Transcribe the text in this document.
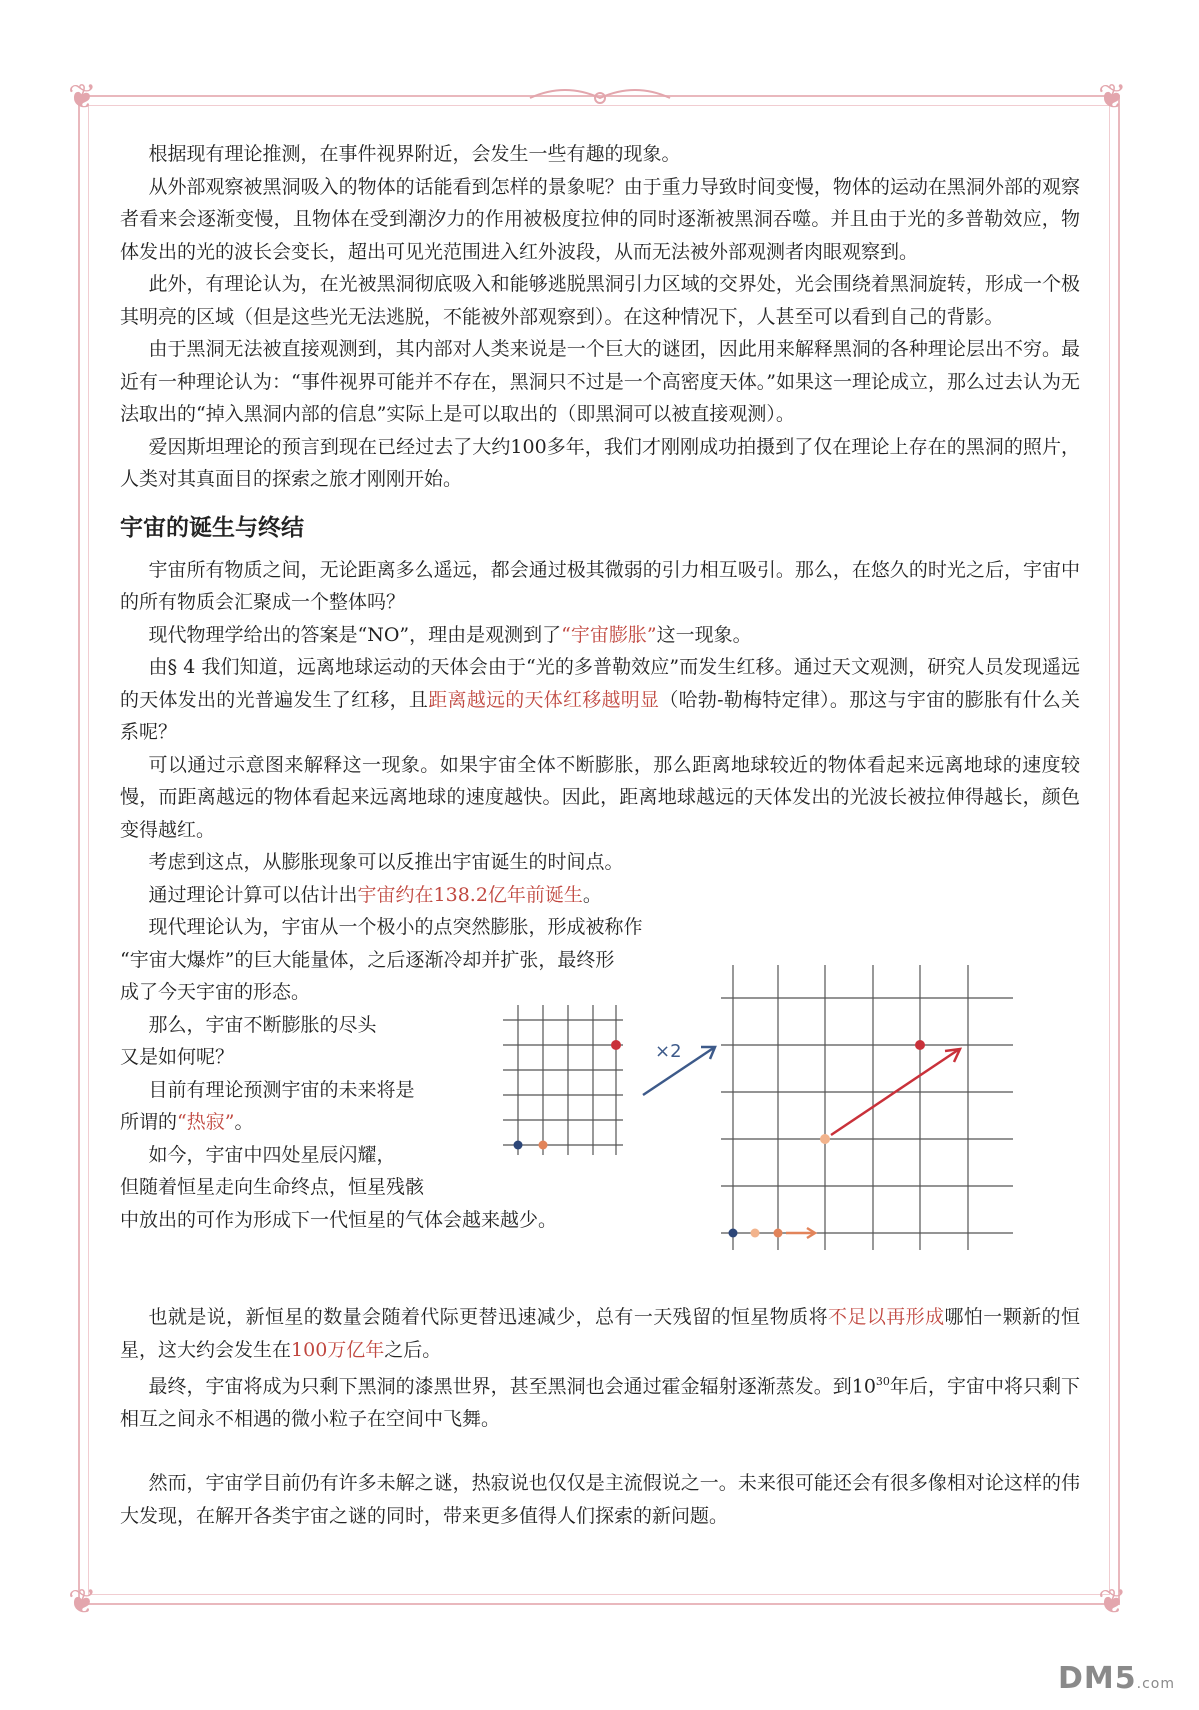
❦	❦
❦	❦

根据现有理论推测，在事件视界附近，会发生一些有趣的现象。

从外部观察被黑洞吸入的物体的话能看到怎样的景象呢？由于重力导致时间变慢，物体的运动在黑洞外部的观察者看来会逐渐变慢，且物体在受到潮汐力的作用被极度拉伸的同时逐渐被黑洞吞噬。并且由于光的多普勒效应，物体发出的光的波长会变长，超出可见光范围进入红外波段，从而无法被外部观测者肉眼观察到。

此外，有理论认为，在光被黑洞彻底吸入和能够逃脱黑洞引力区域的交界处，光会围绕着黑洞旋转，形成一个极其明亮的区域（但是这些光无法逃脱，不能被外部观察到）。在这种情况下，人甚至可以看到自己的背影。

由于黑洞无法被直接观测到，其内部对人类来说是一个巨大的谜团，因此用来解释黑洞的各种理论层出不穷。最近有一种理论认为：“事件视界可能并不存在，黑洞只不过是一个高密度天体。”如果这一理论成立，那么过去认为无法取出的“掉入黑洞内部的信息”实际上是可以取出的（即黑洞可以被直接观测）。

爱因斯坦理论的预言到现在已经过去了大约100多年，我们才刚刚成功拍摄到了仅在理论上存在的黑洞的照片，人类对其真面目的探索之旅才刚刚开始。

宇宙的诞生与终结

宇宙所有物质之间，无论距离多么遥远，都会通过极其微弱的引力相互吸引。那么，在悠久的时光之后，宇宙中的所有物质会汇聚成一个整体吗？

现代物理学给出的答案是“NO”，理由是观测到了“宇宙膨胀”这一现象。

由§ 4 我们知道，远离地球运动的天体会由于“光的多普勒效应”而发生红移。通过天文观测，研究人员发现遥远的天体发出的光普遍发生了红移，且距离越远的天体红移越明显（哈勃-勒梅特定律）。那这与宇宙的膨胀有什么关系呢？

可以通过示意图来解释这一现象。如果宇宙全体不断膨胀，那么距离地球较近的物体看起来远离地球的速度较慢，而距离越远的物体看起来远离地球的速度越快。因此，距离地球越远的天体发出的光波长被拉伸得越长，颜色变得越红。

考虑到这点，从膨胀现象可以反推出宇宙诞生的时间点。

通过理论计算可以估计出宇宙约在138.2亿年前诞生。

现代理论认为，宇宙从一个极小的点突然膨胀，形成被称作
“宇宙大爆炸”的巨大能量体，之后逐渐冷却并扩张，最终形
成了今天宇宙的形态。
那么，宇宙不断膨胀的尽头
又是如何呢？
目前有理论预测宇宙的未来将是
所谓的“热寂”。
如今，宇宙中四处星辰闪耀，
但随着恒星走向生命终点，恒星残骸
中放出的可作为形成下一代恒星的气体会越来越少。

也就是说，新恒星的数量会随着代际更替迅速减少，总有一天残留的恒星物质将不足以再形成哪怕一颗新的恒星，这大约会发生在100万亿年之后。

最终，宇宙将成为只剩下黑洞的漆黑世界，甚至黑洞也会通过霍金辐射逐渐蒸发。到$10^{30}$年后，宇宙中将只剩下相互之间永不相遇的微小粒子在空间中飞舞。

然而，宇宙学目前仍有许多未解之谜，热寂说也仅仅是主流假说之一。未来很可能还会有很多像相对论这样的伟大发现，在解开各类宇宙之谜的同时，带来更多值得人们探索的新问题。

×2
DM5.com
